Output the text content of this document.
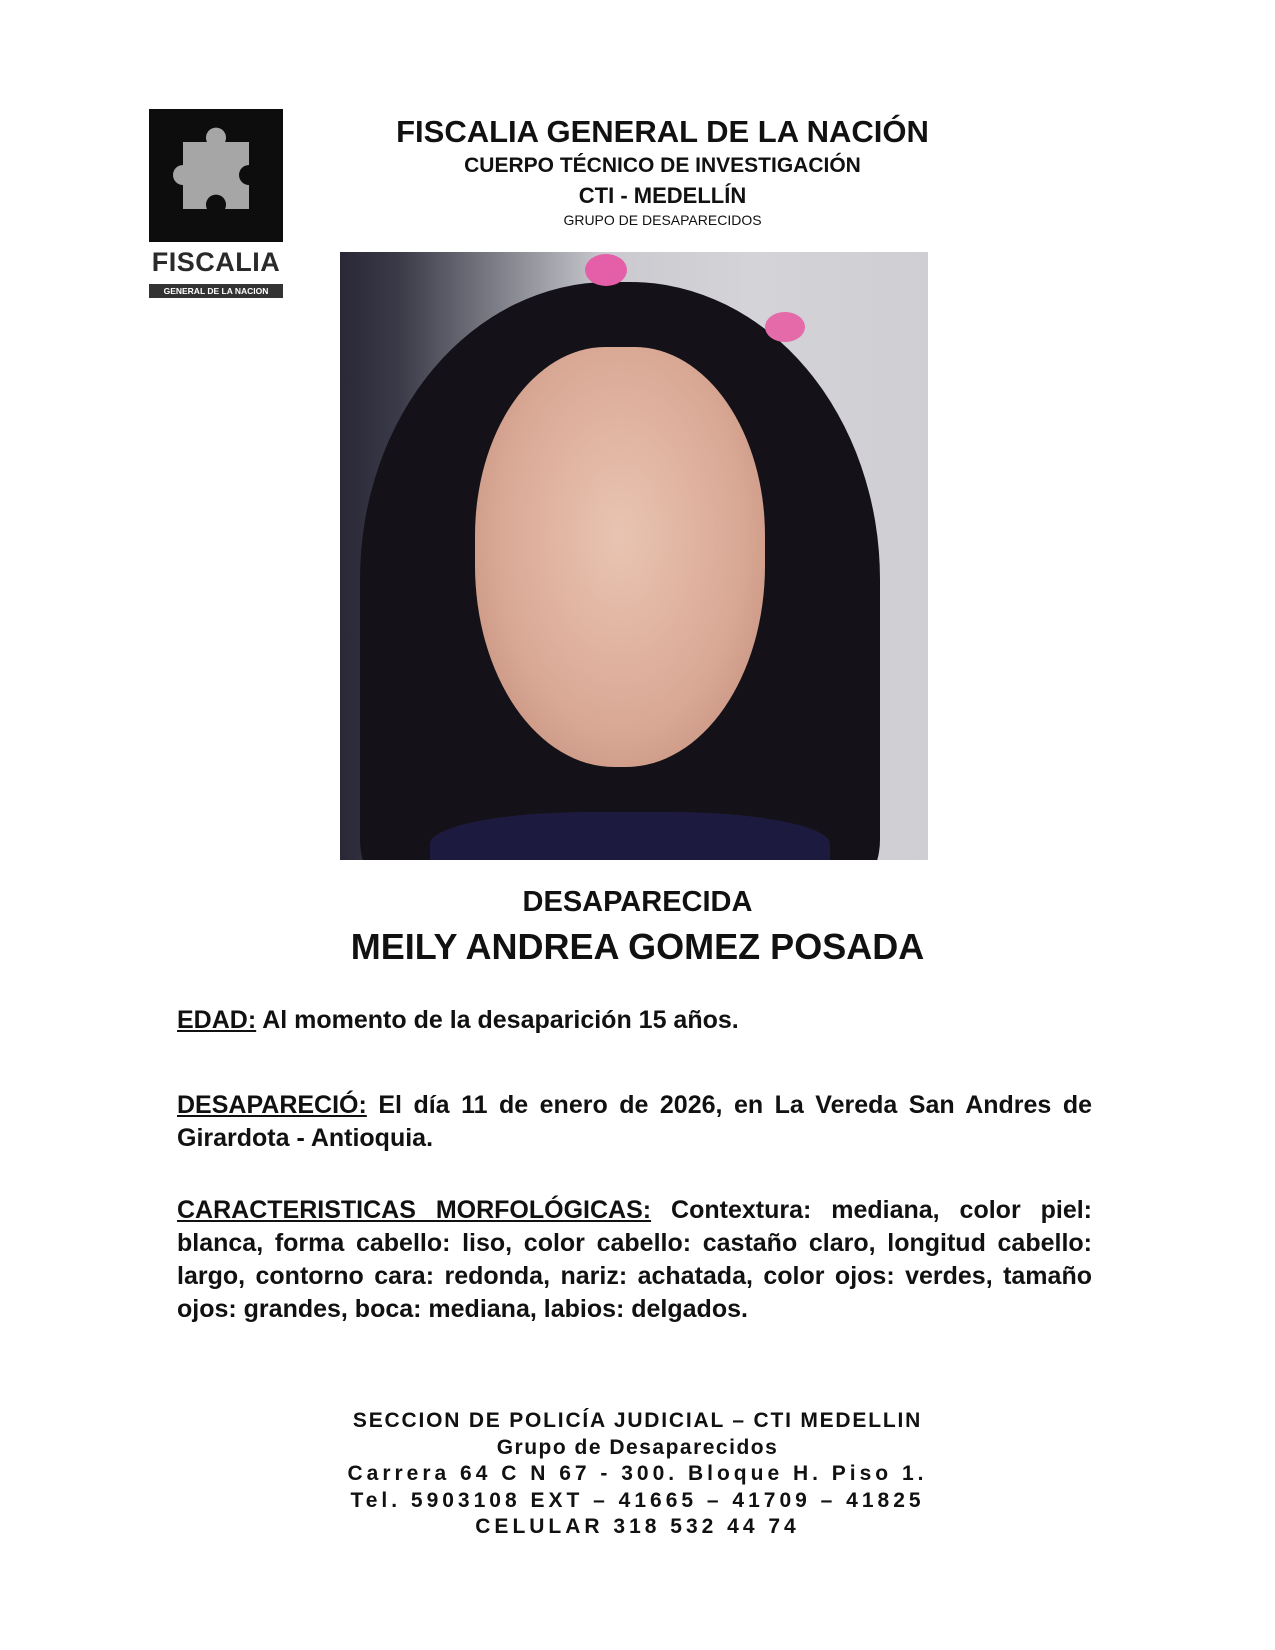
FISCALIA
GENERAL DE LA NACION
FISCALIA GENERAL DE LA NACIÓN
CUERPO TÉCNICO DE INVESTIGACIÓN
CTI - MEDELLÍN
GRUPO DE DESAPARECIDOS
DESAPARECIDA
MEILY ANDREA GOMEZ POSADA
EDAD: Al momento de la desaparición 15 años.
DESAPARECIÓ: El día 11 de enero de 2026, en La Vereda San Andres de Girardota - Antioquia.
CARACTERISTICAS MORFOLÓGICAS: Contextura: mediana, color piel: blanca, forma cabello: liso, color cabello: castaño claro, longitud cabello: largo, contorno cara: redonda, nariz: achatada, color ojos: verdes, tamaño ojos: grandes, boca: mediana, labios: delgados.
SECCION DE POLICÍA JUDICIAL – CTI MEDELLIN
Grupo de Desaparecidos
Carrera 64 C N 67 - 300. Bloque H. Piso 1.
Tel. 5903108 EXT – 41665 – 41709 – 41825
CELULAR 318 532 44 74
